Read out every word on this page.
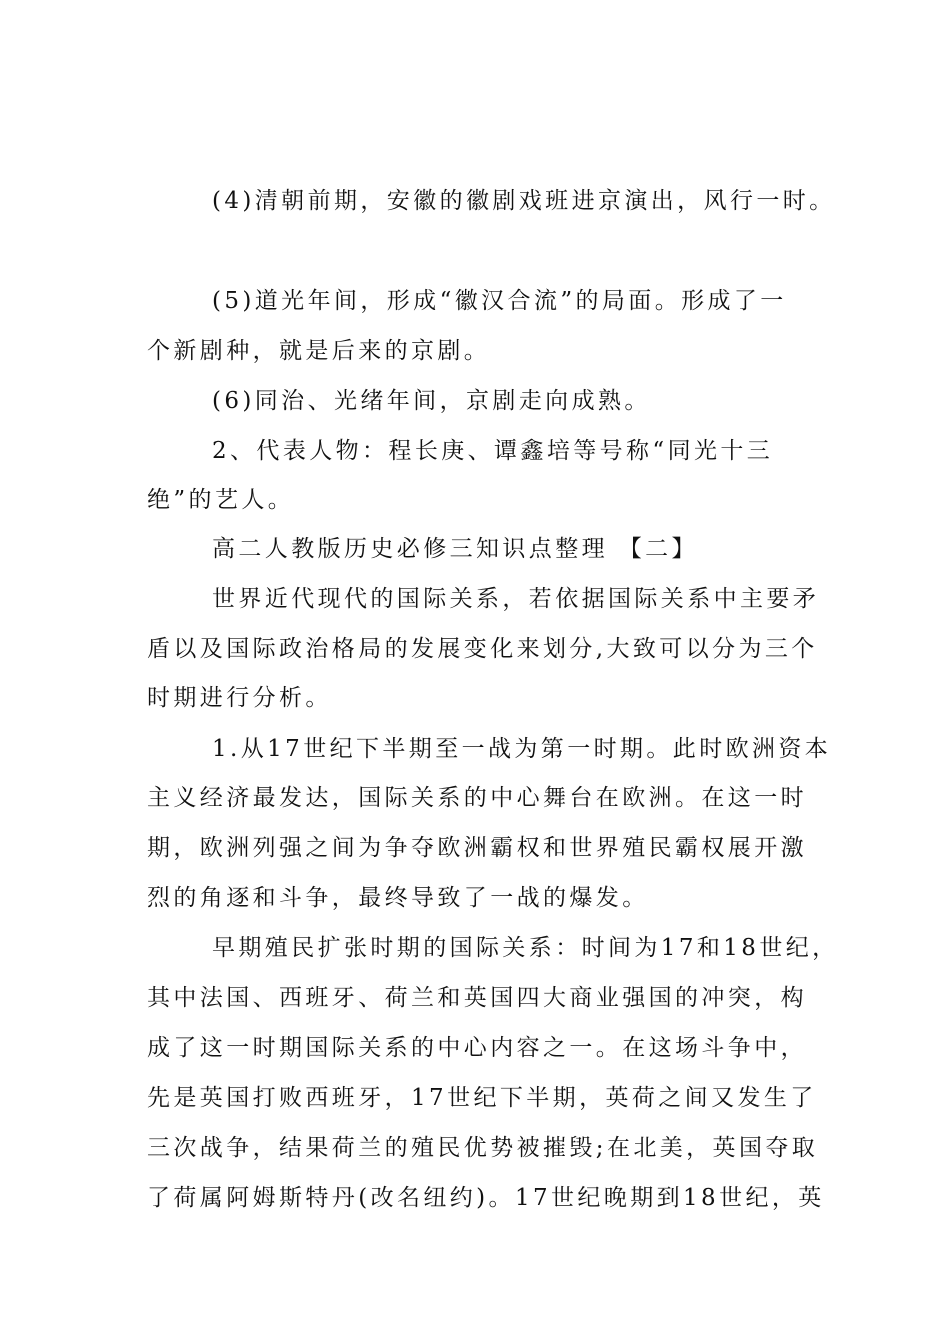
(4)清朝前期，安徽的徽剧戏班进京演出，风行一时。
(5)道光年间，形成“徽汉合流”的局面。形成了一
个新剧种，就是后来的京剧。
(6)同治、光绪年间，京剧走向成熟。
2、代表人物：程长庚、谭鑫培等号称“同光十三
绝”的艺人。
高二人教版历史必修三知识点整理 【二】
世界近代现代的国际关系，若依据国际关系中主要矛
盾以及国际政治格局的发展变化来划分,大致可以分为三个
时期进行分析。
1.从17世纪下半期至一战为第一时期。此时欧洲资本
主义经济最发达，国际关系的中心舞台在欧洲。在这一时
期，欧洲列强之间为争夺欧洲霸权和世界殖民霸权展开激
烈的角逐和斗争，最终导致了一战的爆发。
早期殖民扩张时期的国际关系：时间为17和18世纪，
其中法国、西班牙、荷兰和英国四大商业强国的冲突，构
成了这一时期国际关系的中心内容之一。在这场斗争中，
先是英国打败西班牙，17世纪下半期，英荷之间又发生了
三次战争，结果荷兰的殖民优势被摧毁;在北美，英国夺取
了荷属阿姆斯特丹(改名纽约)。17世纪晚期到18世纪，英
